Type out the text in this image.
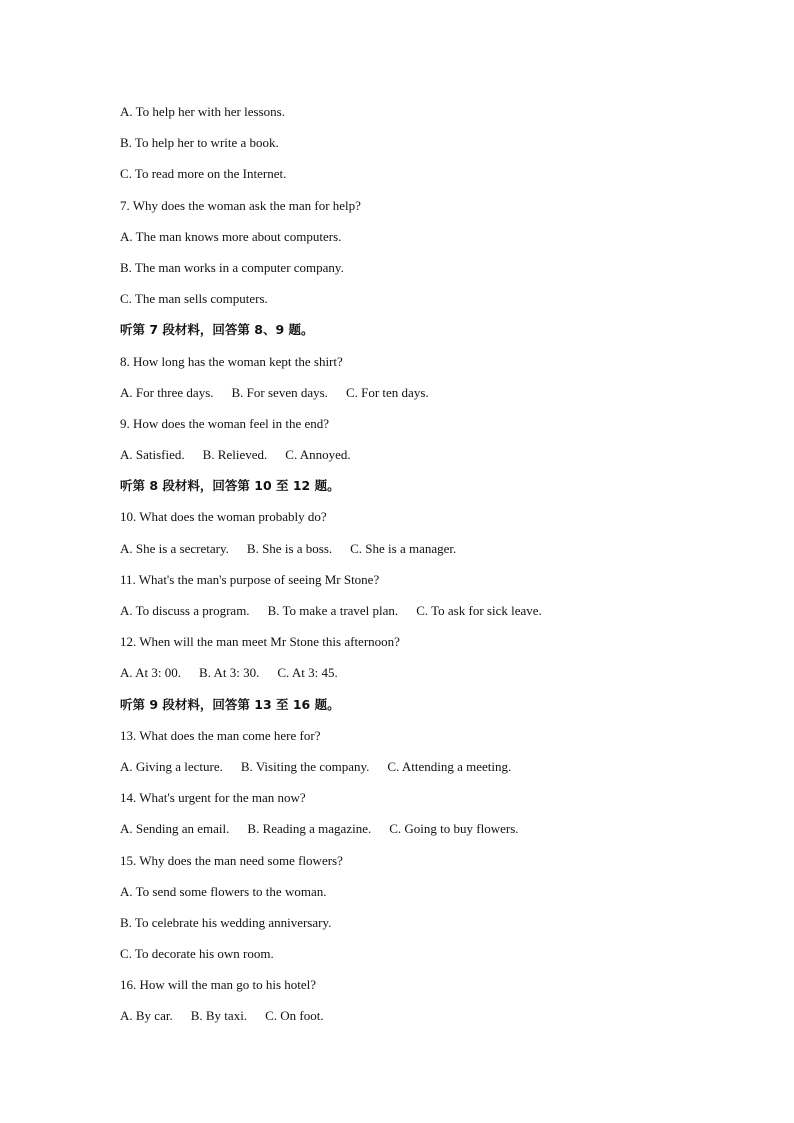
A. To help her with her lessons.
B. To help her to write a book.
C. To read more on the Internet.
7. Why does the woman ask the man for help?
A. The man knows more about computers.
B. The man works in a computer company.
C. The man sells computers.
听第 7 段材料，回答第 8、9 题。
8. How long has the woman kept the shirt?
A. For three days. B. For seven days. C. For ten days.
9. How does the woman feel in the end?
A. Satisfied. B. Relieved. C. Annoyed.
听第 8 段材料，回答第 10 至 12 题。
10. What does the woman probably do?
A. She is a secretary. B. She is a boss. C. She is a manager.
11. What's the man's purpose of seeing Mr Stone?
A. To discuss a program. B. To make a travel plan. C. To ask for sick leave.
12. When will the man meet Mr Stone this afternoon?
A. At 3: 00. B. At 3: 30. C. At 3: 45.
听第 9 段材料，回答第 13 至 16 题。
13. What does the man come here for?
A. Giving a lecture. B. Visiting the company. C. Attending a meeting.
14. What's urgent for the man now?
A. Sending an email. B. Reading a magazine. C. Going to buy flowers.
15. Why does the man need some flowers?
A. To send some flowers to the woman.
B. To celebrate his wedding anniversary.
C. To decorate his own room.
16. How will the man go to his hotel?
A. By car. B. By taxi. C. On foot.
